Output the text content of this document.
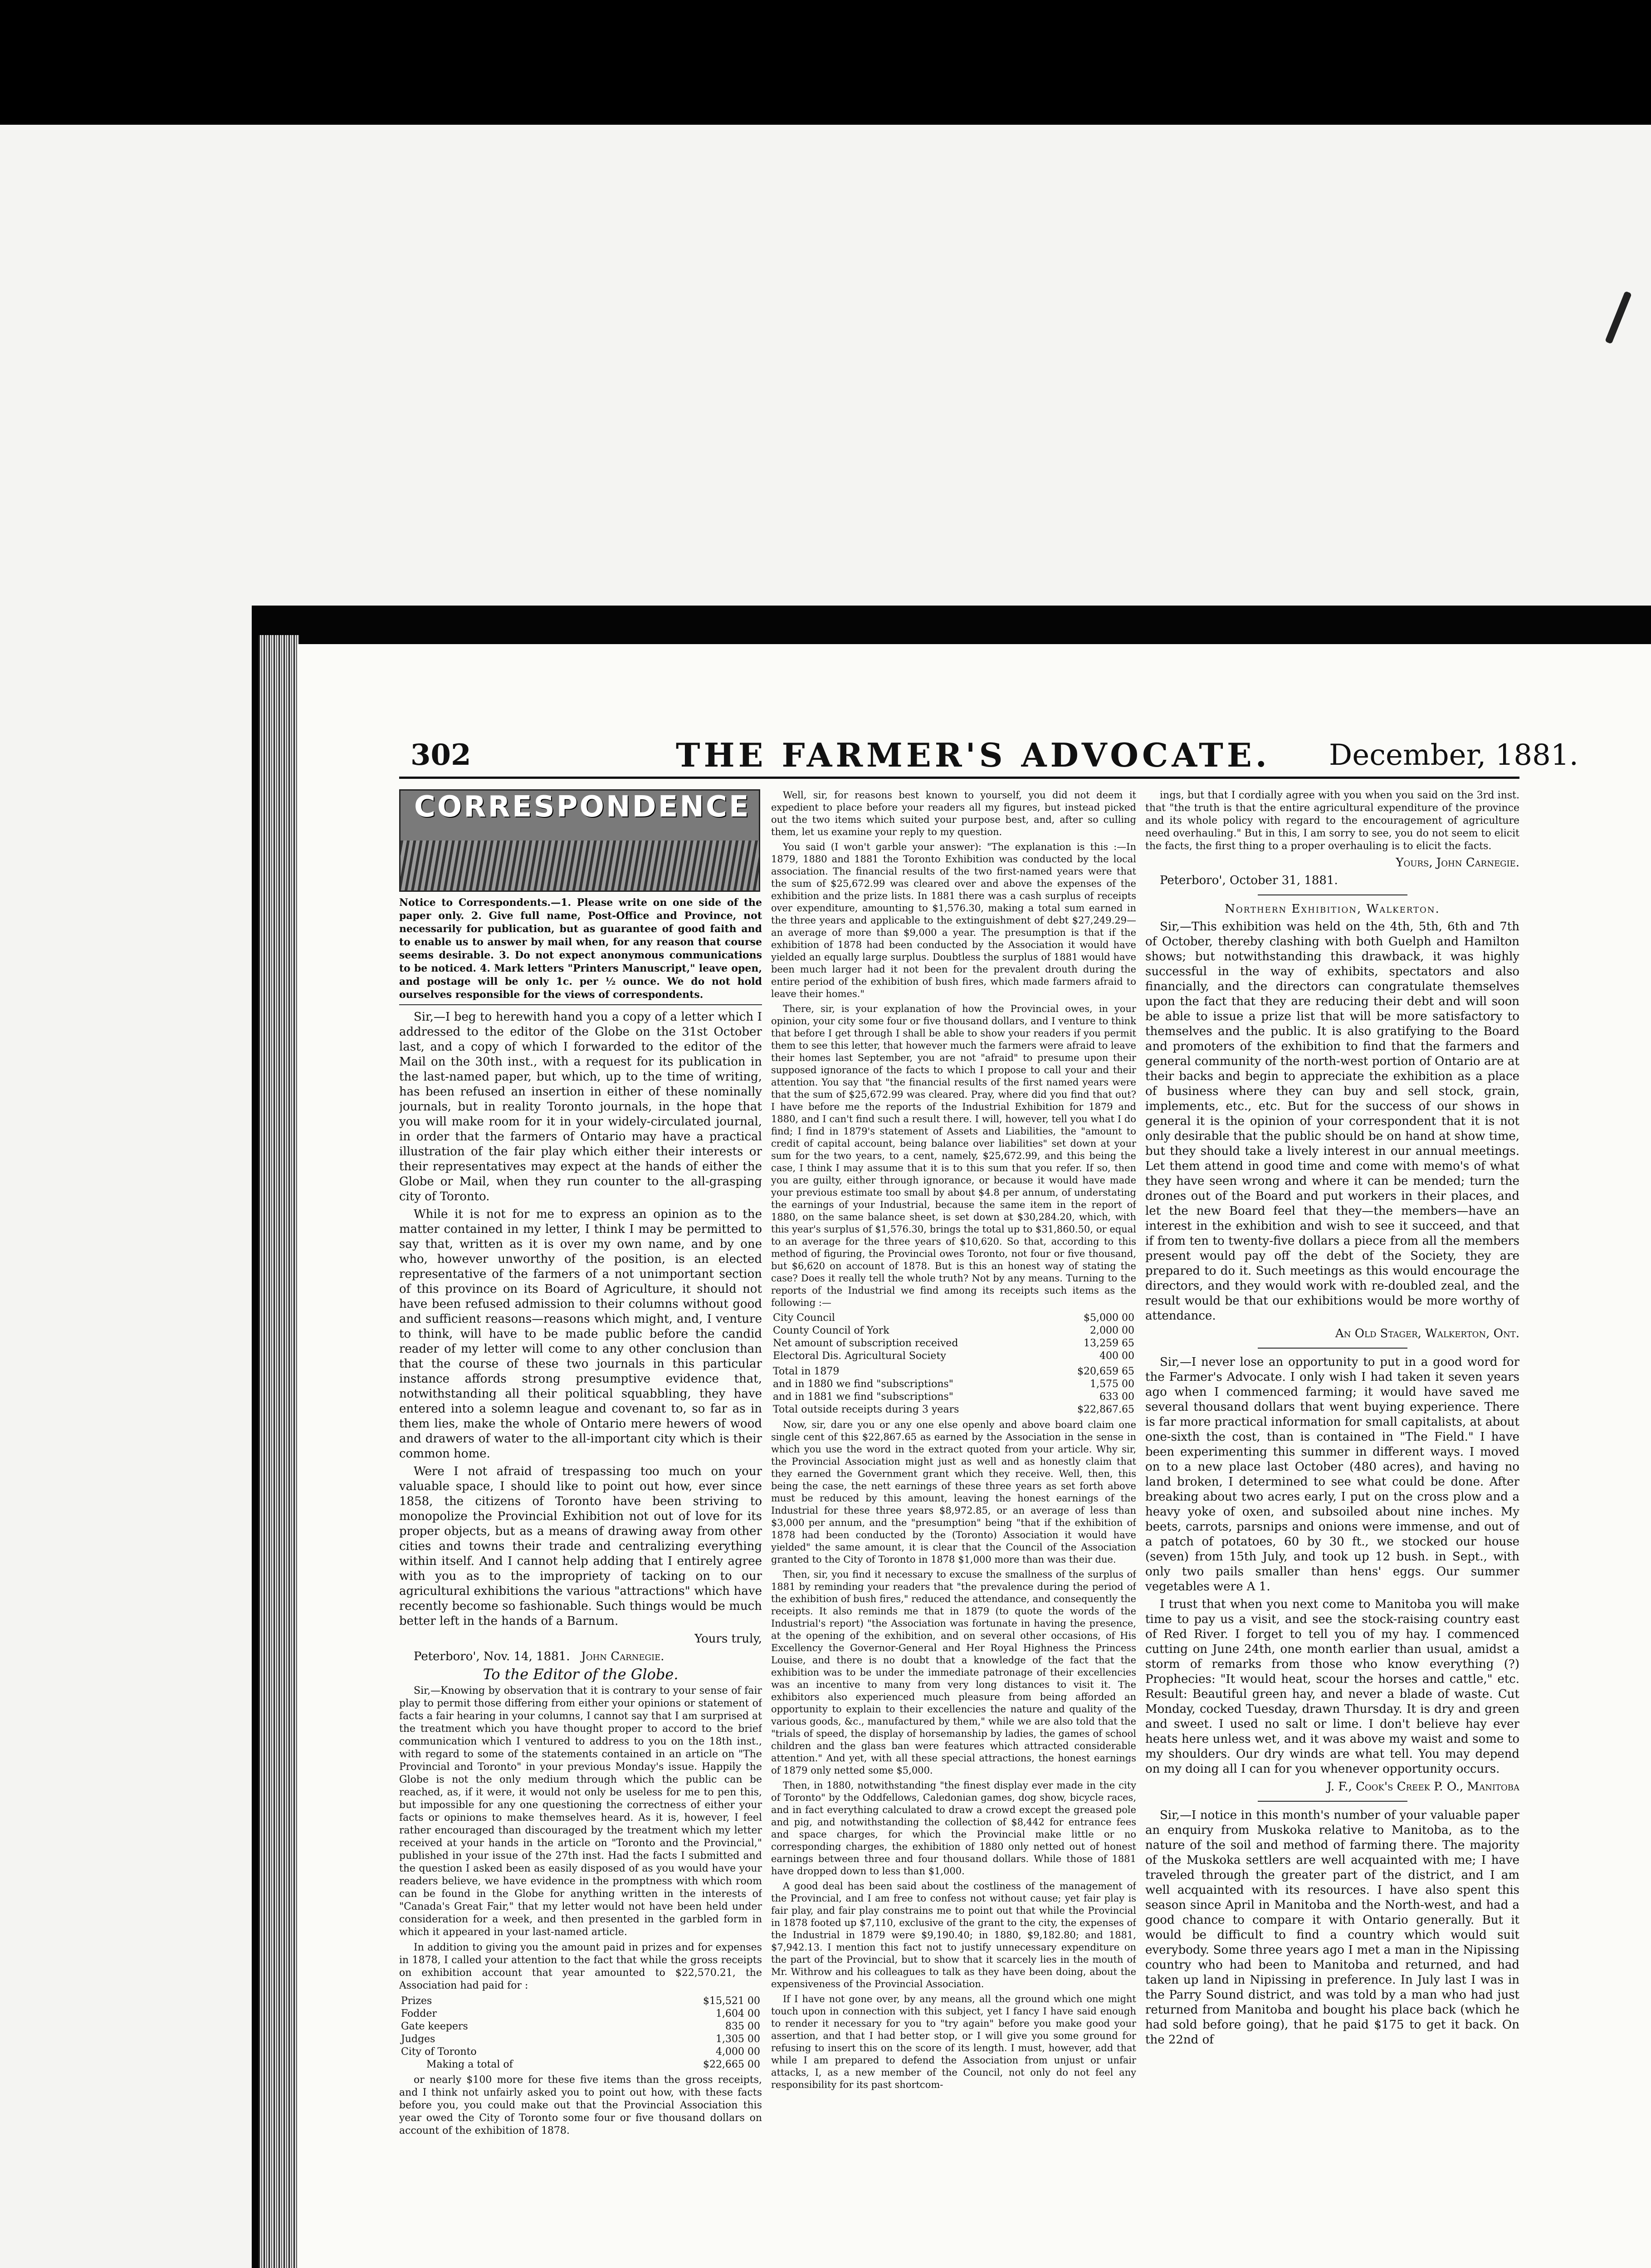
302	THE FARMER'S ADVOCATE. December, 1881.
CORRESPONDENCE
Notice to Correspondents.—1. Please write on one side of the paper only. 2. Give full name, Post-Office and Province, not necessarily for publication, but as guarantee of good faith and to enable us to answer by mail when, for any reason that course seems desirable. 3. Do not expect anonymous communications to be noticed. 4. Mark letters "Printers Manuscript," leave open, and postage will be only 1c. per ½ ounce. We do not hold ourselves responsible for the views of correspondents.

Sir,—I beg to herewith hand you a copy of a letter which I addressed to the editor of the Globe on the 31st October last, and a copy of which I forwarded to the editor of the Mail on the 30th inst., with a request for its publication in the last-named paper, but which, up to the time of writing, has been refused an insertion in either of these nominally journals, but in reality Toronto journals, in the hope that you will make room for it in your widely-circulated journal, in order that the farmers of Ontario may have a practical illustration of the fair play which either their interests or their representatives may expect at the hands of either the Globe or Mail, when they run counter to the all-grasping city of Toronto.

While it is not for me to express an opinion as to the matter contained in my letter, I think I may be permitted to say that, written as it is over my own name, and by one who, however unworthy of the position, is an elected representative of the farmers of a not unimportant section of this province on its Board of Agriculture, it should not have been refused admission to their columns without good and sufficient reasons—reasons which might, and, I venture to think, will have to be made public before the candid reader of my letter will come to any other conclusion than that the course of these two journals in this particular instance affords strong presumptive evidence that, notwithstanding all their political squabbling, they have entered into a solemn league and covenant to, so far as in them lies, make the whole of Ontario mere hewers of wood and drawers of water to the all-important city which is their common home.

Were I not afraid of trespassing too much on your valuable space, I should like to point out how, ever since 1858, the citizens of Toronto have been striving to monopolize the Provincial Exhibition not out of love for its proper objects, but as a means of drawing away from other cities and towns their trade and centralizing everything within itself. And I cannot help adding that I entirely agree with you as to the impropriety of tacking on to our agricultural exhibitions the various "attractions" which have recently become so fashionable. Such things would be much better left in the hands of a Barnum.

Yours truly,

Peterboro', Nov. 14, 1881. John Carnegie.

To the Editor of the Globe.

Sir,—Knowing by observation that it is contrary to your sense of fair play to permit those differing from either your opinions or statement of facts a fair hearing in your columns, I cannot say that I am surprised at the treatment which you have thought proper to accord to the brief communication which I ventured to address to you on the 18th inst., with regard to some of the statements contained in an article on "The Provincial and Toronto" in your previous Monday's issue. Happily the Globe is not the only medium through which the public can be reached, as, if it were, it would not only be useless for me to pen this, but impossible for any one questioning the correctness of either your facts or opinions to make themselves heard. As it is, however, I feel rather encouraged than discouraged by the treatment which my letter received at your hands in the article on "Toronto and the Provincial," published in your issue of the 27th inst. Had the facts I submitted and the question I asked been as easily disposed of as you would have your readers believe, we have evidence in the promptness with which room can be found in the Globe for anything written in the interests of "Canada's Great Fair," that my letter would not have been held under consideration for a week, and then presented in the garbled form in which it appeared in your last-named article.

In addition to giving you the amount paid in prizes and for expenses in 1878, I called your attention to the fact that while the gross receipts on exhibition account that year amounted to $22,570.21, the Association had paid for :

Prizes	$15,521 00
Fodder	1,604 00
Gate keepers	835 00
Judges	1,305 00
City of Toronto	4,000 00
Making a total of	$22,665 00

or nearly $100 more for these five items than the gross receipts, and I think not unfairly asked you to point out how, with these facts before you, you could make out that the Provincial Association this year owed the City of Toronto some four or five thousand dollars on account of the exhibition of 1878.

Well, sir, for reasons best known to yourself, you did not deem it expedient to place before your readers all my figures, but instead picked out the two items which suited your purpose best, and, after so culling them, let us examine your reply to my question.

You said (I won't garble your answer): "The explanation is this :—In 1879, 1880 and 1881 the Toronto Exhibition was conducted by the local association. The financial results of the two first-named years were that the sum of $25,672.99 was cleared over and above the expenses of the exhibition and the prize lists. In 1881 there was a cash surplus of receipts over expenditure, amounting to $1,576.30, making a total sum earned in the three years and applicable to the extinguishment of debt $27,249.29—an average of more than $9,000 a year. The presumption is that if the exhibition of 1878 had been conducted by the Association it would have yielded an equally large surplus. Doubtless the surplus of 1881 would have been much larger had it not been for the prevalent drouth during the entire period of the exhibition of bush fires, which made farmers afraid to leave their homes."

There, sir, is your explanation of how the Provincial owes, in your opinion, your city some four or five thousand dollars, and I venture to think that before I get through I shall be able to show your readers if you permit them to see this letter, that however much the farmers were afraid to leave their homes last September, you are not "afraid" to presume upon their supposed ignorance of the facts to which I propose to call your and their attention. You say that "the financial results of the first named years were that the sum of $25,672.99 was cleared. Pray, where did you find that out? I have before me the reports of the Industrial Exhibition for 1879 and 1880, and I can't find such a result there. I will, however, tell you what I do find; I find in 1879's statement of Assets and Liabilities, the "amount to credit of capital account, being balance over liabilities" set down at your sum for the two years, to a cent, namely, $25,672.99, and this being the case, I think I may assume that it is to this sum that you refer. If so, then you are guilty, either through ignorance, or because it would have made your previous estimate too small by about $4.8 per annum, of understating the earnings of your Industrial, because the same item in the report of 1880, on the same balance sheet, is set down at $30,284.20, which, with this year's surplus of $1,576.30, brings the total up to $31,860.50, or equal to an average for the three years of $10,620. So that, according to this method of figuring, the Provincial owes Toronto, not four or five thousand, but $6,620 on account of 1878. But is this an honest way of stating the case? Does it really tell the whole truth? Not by any means. Turning to the reports of the Industrial we find among its receipts such items as the following :—

City Council	$5,000 00
County Council of York	2,000 00
Net amount of subscription received	13,259 65
Electoral Dis. Agricultural Society	400 00
Total in 1879	$20,659 65
and in 1880 we find "subscriptions"	1,575 00
and in 1881 we find "subscriptions"	633 00
Total outside receipts during 3 years	$22,867.65

Now, sir, dare you or any one else openly and above board claim one single cent of this $22,867.65 as earned by the Association in the sense in which you use the word in the extract quoted from your article. Why sir, the Provincial Association might just as well and as honestly claim that they earned the Government grant which they receive. Well, then, this being the case, the nett earnings of these three years as set forth above must be reduced by this amount, leaving the honest earnings of the Industrial for these three years $8,972.85, or an average of less than $3,000 per annum, and the "presumption" being "that if the exhibition of 1878 had been conducted by the (Toronto) Association it would have yielded" the same amount, it is clear that the Council of the Association granted to the City of Toronto in 1878 $1,000 more than was their due.

Then, sir, you find it necessary to excuse the smallness of the surplus of 1881 by reminding your readers that "the prevalence during the period of the exhibition of bush fires," reduced the attendance, and consequently the receipts. It also reminds me that in 1879 (to quote the words of the Industrial's report) "the Association was fortunate in having the presence, at the opening of the exhibition, and on several other occasions, of His Excellency the Governor-General and Her Royal Highness the Princess Louise, and there is no doubt that a knowledge of the fact that the exhibition was to be under the immediate patronage of their excellencies was an incentive to many from very long distances to visit it. The exhibitors also experienced much pleasure from being afforded an opportunity to explain to their excellencies the nature and quality of the various goods, &c., manufactured by them," while we are also told that the "trials of speed, the display of horsemanship by ladies, the games of school children and the glass ban were features which attracted considerable attention." And yet, with all these special attractions, the honest earnings of 1879 only netted some $5,000.

Then, in 1880, notwithstanding "the finest display ever made in the city of Toronto" by the Oddfellows, Caledonian games, dog show, bicycle races, and in fact everything calculated to draw a crowd except the greased pole and pig, and notwithstanding the collection of $8,442 for entrance fees and space charges, for which the Provincial make little or no corresponding charges, the exhibition of 1880 only netted out of honest earnings between three and four thousand dollars. While those of 1881 have dropped down to less than $1,000.

A good deal has been said about the costliness of the management of the Provincial, and I am free to confess not without cause; yet fair play is fair play, and fair play constrains me to point out that while the Provincial in 1878 footed up $7,110, exclusive of the grant to the city, the expenses of the Industrial in 1879 were $9,190.40; in 1880, $9,182.80; and 1881, $7,942.13. I mention this fact not to justify unnecessary expenditure on the part of the Provincial, but to show that it scarcely lies in the mouth of Mr. Withrow and his colleagues to talk as they have been doing, about the expensiveness of the Provincial Association.

If I have not gone over, by any means, all the ground which one might touch upon in connection with this subject, yet I fancy I have said enough to render it necessary for you to "try again" before you make good your assertion, and that I had better stop, or I will give you some ground for refusing to insert this on the score of its length. I must, however, add that while I am prepared to defend the Association from unjust or unfair attacks, I, as a new member of the Council, not only do not feel any responsibility for its past shortcom-

ings, but that I cordially agree with you when you said on the 3rd inst. that "the truth is that the entire agricultural expenditure of the province and its whole policy with regard to the encouragement of agriculture need overhauling." But in this, I am sorry to see, you do not seem to elicit the facts, the first thing to a proper overhauling is to elicit the facts.

Yours, John Carnegie.

Peterboro', October 31, 1881.

Northern Exhibition, Walkerton.

Sir,—This exhibition was held on the 4th, 5th, 6th and 7th of October, thereby clashing with both Guelph and Hamilton shows; but notwithstanding this drawback, it was highly successful in the way of exhibits, spectators and also financially, and the directors can congratulate themselves upon the fact that they are reducing their debt and will soon be able to issue a prize list that will be more satisfactory to themselves and the public. It is also gratifying to the Board and promoters of the exhibition to find that the farmers and general community of the north-west portion of Ontario are at their backs and begin to appreciate the exhibition as a place of business where they can buy and sell stock, grain, implements, etc., etc. But for the success of our shows in general it is the opinion of your correspondent that it is not only desirable that the public should be on hand at show time, but they should take a lively interest in our annual meetings. Let them attend in good time and come with memo's of what they have seen wrong and where it can be mended; turn the drones out of the Board and put workers in their places, and let the new Board feel that they—the members—have an interest in the exhibition and wish to see it succeed, and that if from ten to twenty-five dollars a piece from all the members present would pay off the debt of the Society, they are prepared to do it. Such meetings as this would encourage the directors, and they would work with re-doubled zeal, and the result would be that our exhibitions would be more worthy of attendance.

An Old Stager, Walkerton, Ont.

Sir,—I never lose an opportunity to put in a good word for the Farmer's Advocate. I only wish I had taken it seven years ago when I commenced farming; it would have saved me several thousand dollars that went buying experience. There is far more practical information for small capitalists, at about one-sixth the cost, than is contained in "The Field." I have been experimenting this summer in different ways. I moved on to a new place last October (480 acres), and having no land broken, I determined to see what could be done. After breaking about two acres early, I put on the cross plow and a heavy yoke of oxen, and subsoiled about nine inches. My beets, carrots, parsnips and onions were immense, and out of a patch of potatoes, 60 by 30 ft., we stocked our house (seven) from 15th July, and took up 12 bush. in Sept., with only two pails smaller than hens' eggs. Our summer vegetables were A 1.

I trust that when you next come to Manitoba you will make time to pay us a visit, and see the stock-raising country east of Red River. I forget to tell you of my hay. I commenced cutting on June 24th, one month earlier than usual, amidst a storm of remarks from those who know everything (?) Prophecies: "It would heat, scour the horses and cattle," etc. Result: Beautiful green hay, and never a blade of waste. Cut Monday, cocked Tuesday, drawn Thursday. It is dry and green and sweet. I used no salt or lime. I don't believe hay ever heats here unless wet, and it was above my waist and some to my shoulders. Our dry winds are what tell. You may depend on my doing all I can for you whenever opportunity occurs.

J. F., Cook's Creek P. O., Manitoba

Sir,—I notice in this month's number of your valuable paper an enquiry from Muskoka relative to Manitoba, as to the nature of the soil and method of farming there. The majority of the Muskoka settlers are well acquainted with me; I have traveled through the greater part of the district, and I am well acquainted with its resources. I have also spent this season since April in Manitoba and the North-west, and had a good chance to compare it with Ontario generally. But it would be difficult to find a country which would suit everybody. Some three years ago I met a man in the Nipissing country who had been to Manitoba and returned, and had taken up land in Nipissing in preference. In July last I was in the Parry Sound district, and was told by a man who had just returned from Manitoba and bought his place back (which he had sold before going), that he paid $175 to get it back. On the 22nd of
